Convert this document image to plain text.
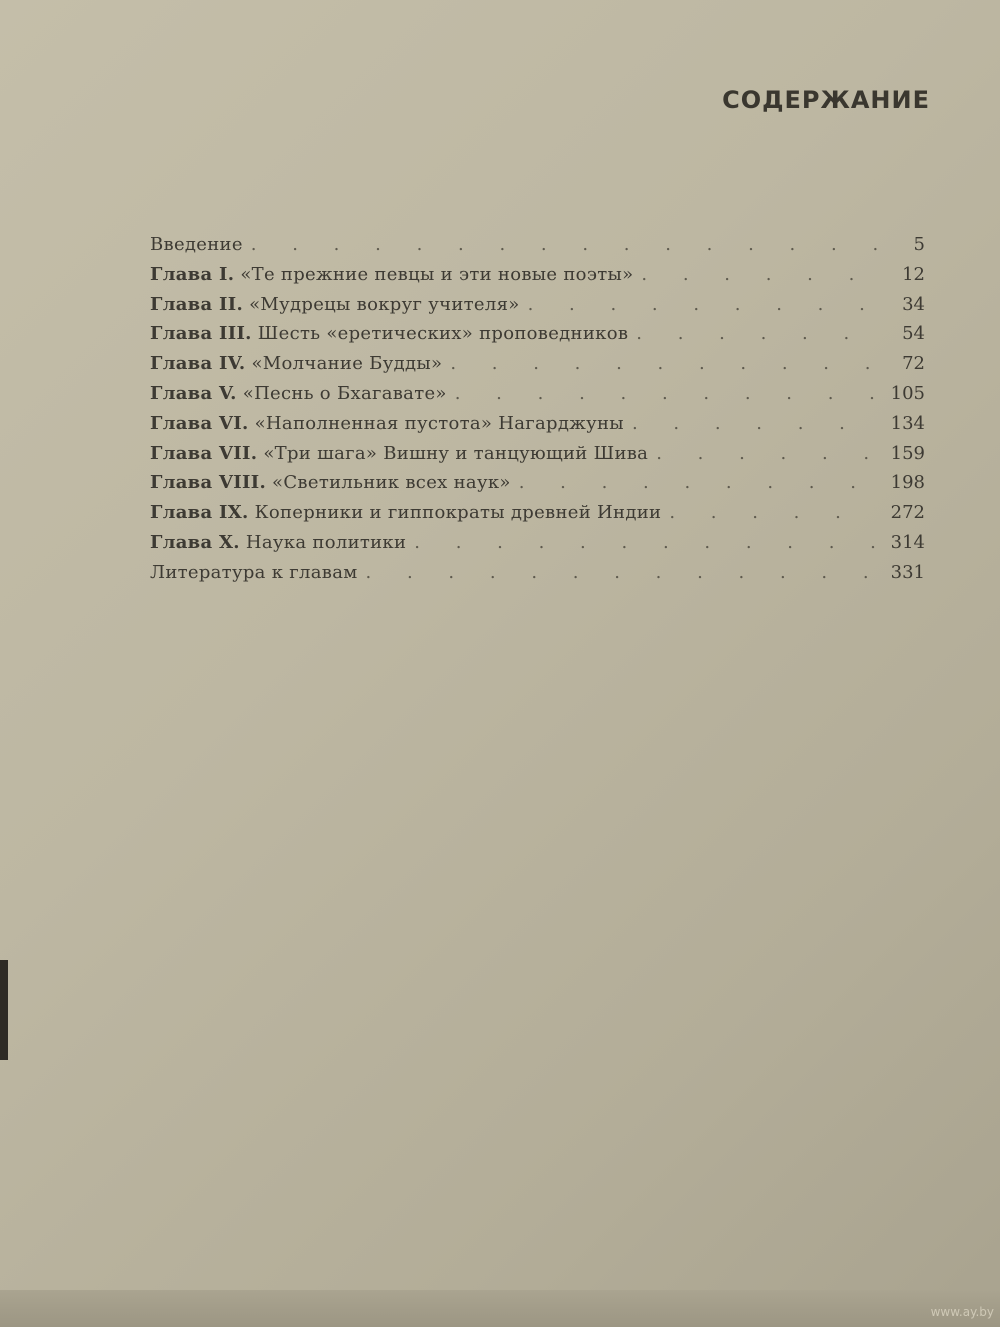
СОДЕРЖАНИЕ
Введение . . .	5
Глава I. «Те прежние певцы и эти новые поэты» . . .	12
Глава II. «Мудрецы вокруг учителя» . . .	34
Глава III. Шесть «еретических» проповедников . . .	54
Глава IV. «Молчание Будды» . . .	72
Глава V. «Песнь о Бхагавате» . . .	105
Глава VI. «Наполненная пустота» Нагарджуны . . .	134
Глава VII. «Три шага» Вишну и танцующий Шива . . .	159
Глава VIII. «Светильник всех наук» . . .	198
Глава IX. Коперники и гиппократы древней Индии . . .	272
Глава X. Наука политики . . .	314
Литература к главам . . .	331
www.ay.by
